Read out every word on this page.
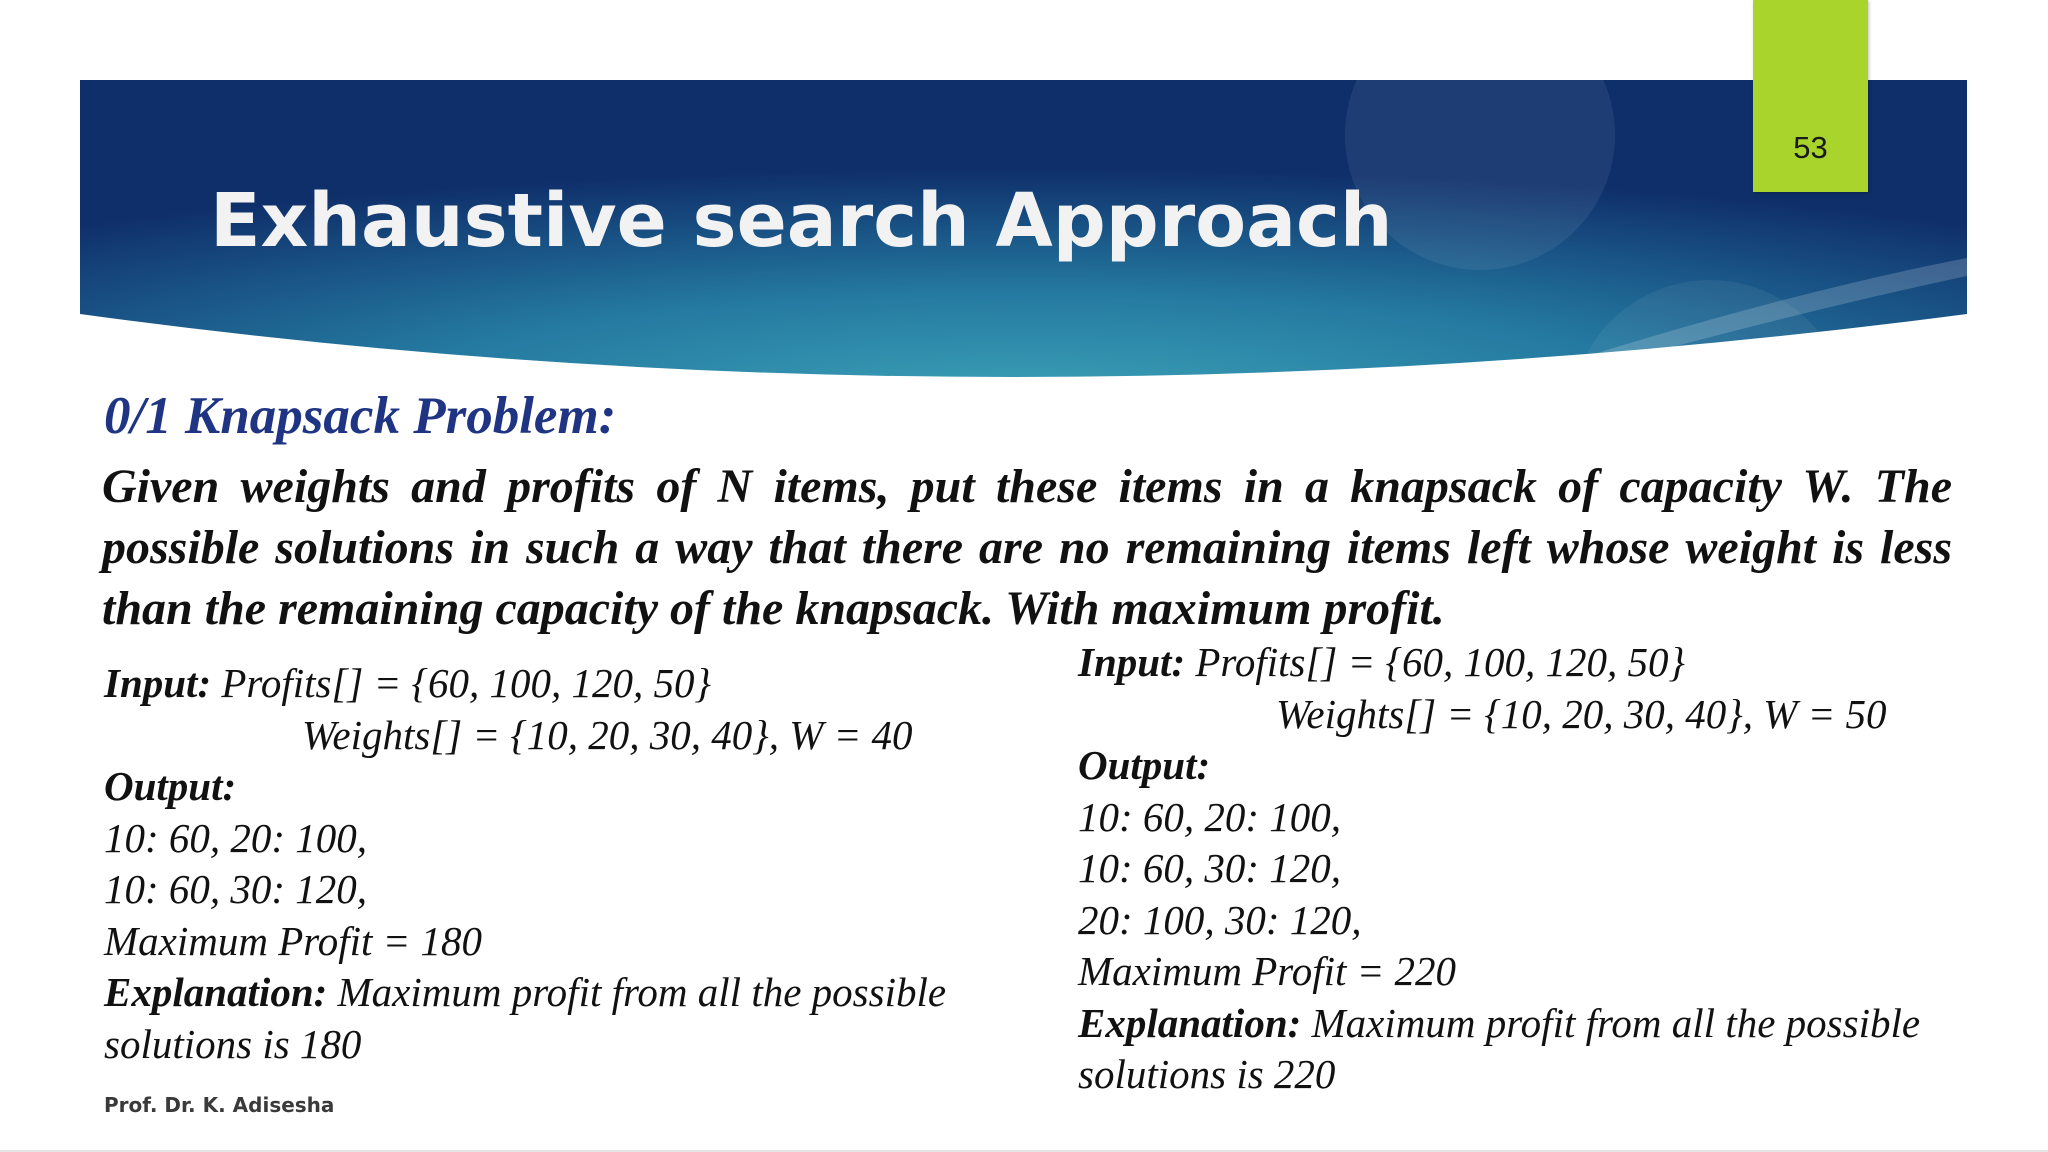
53
Exhaustive search Approach
0/1 Knapsack Problem:
Given weights and profits of N items, put these items in a knapsack of capacity W. The possible solutions in such a way that there are no remaining items left whose weight is less than the remaining capacity of the knapsack. With maximum profit.
Input: Profits[] = {60, 100, 120, 50}
Weights[] = {10, 20, 30, 40}, W = 40
Output:
10: 60, 20: 100,
10: 60, 30: 120,
Maximum Profit = 180
Explanation: Maximum profit from all the possible solutions is 180
Input: Profits[] = {60, 100, 120, 50}
Weights[] = {10, 20, 30, 40}, W = 50
Output:
10: 60, 20: 100,
10: 60, 30: 120,
20: 100, 30: 120,
Maximum Profit = 220
Explanation: Maximum profit from all the possible solutions is 220
Prof. Dr. K. Adisesha
